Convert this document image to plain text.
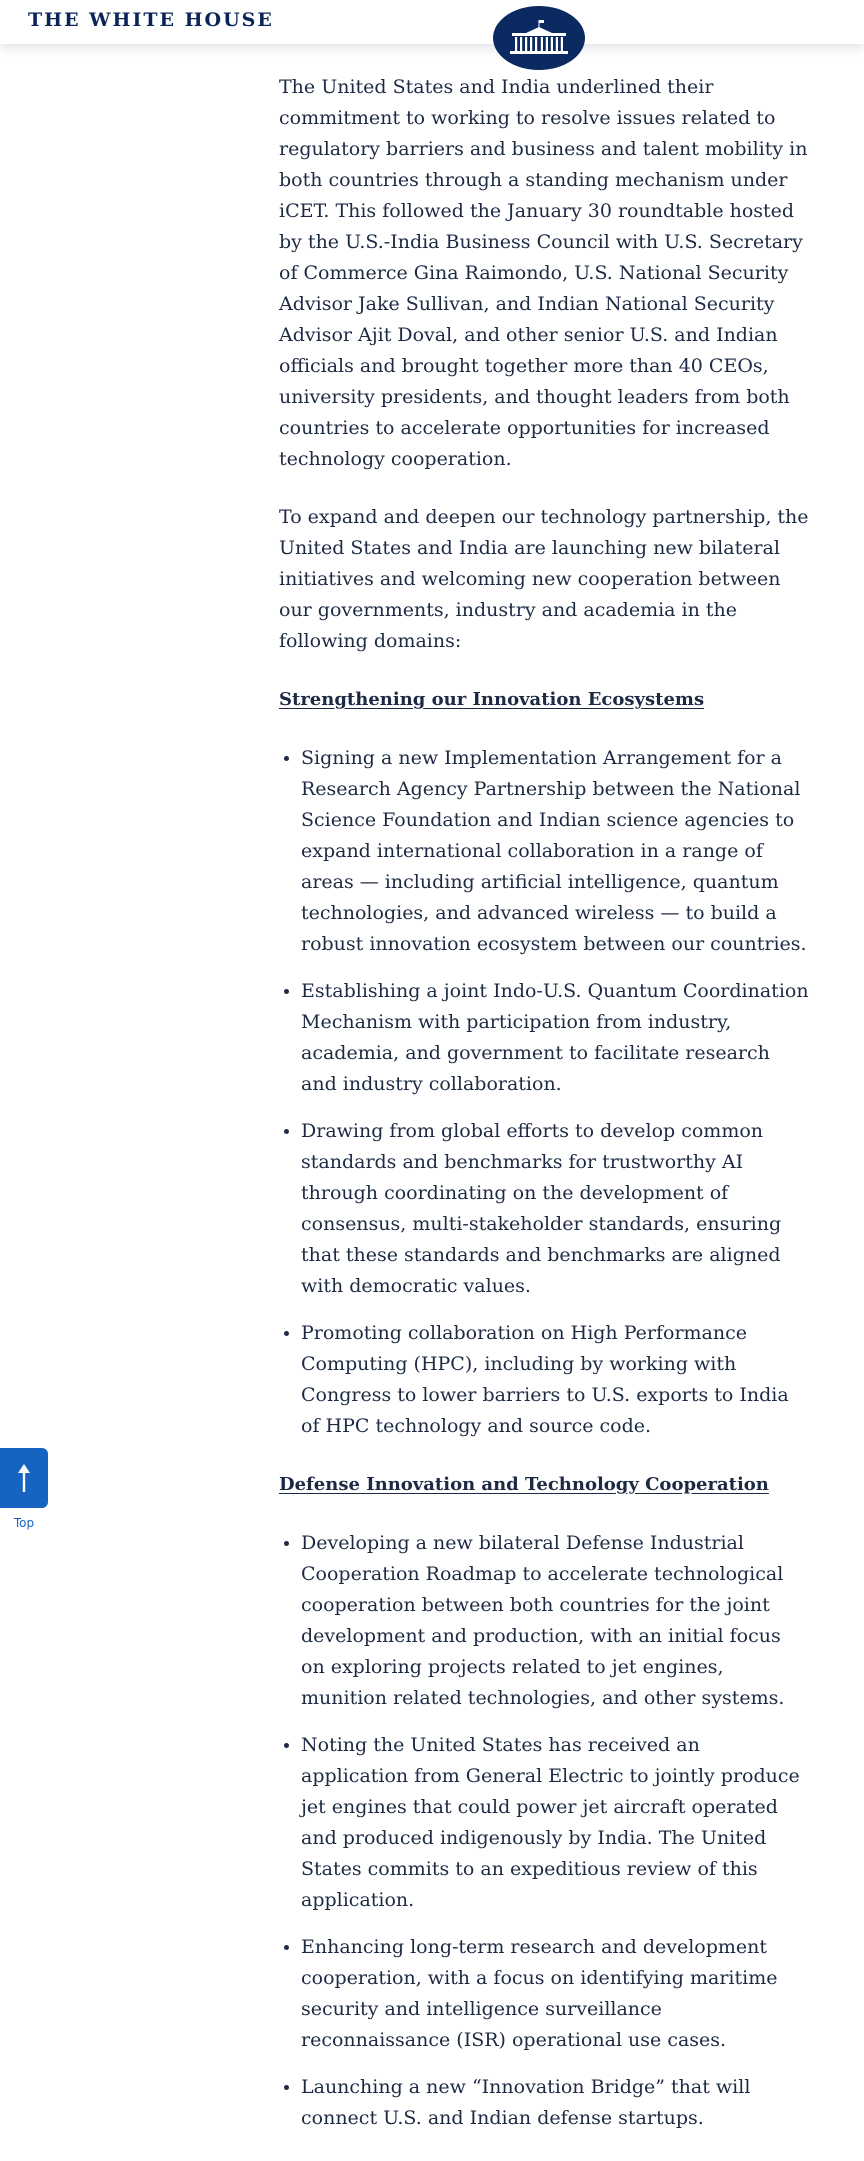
THE WHITE HOUSE

The United States and India underlined their commitment to working to resolve issues related to regulatory barriers and business and talent mobility in both countries through a standing mechanism under iCET. This followed the January 30 roundtable hosted by the U.S.-India Business Council with U.S. Secretary of Commerce Gina Raimondo, U.S. National Security Advisor Jake Sullivan, and Indian National Security Advisor Ajit Doval, and other senior U.S. and Indian officials and brought together more than 40 CEOs, university presidents, and thought leaders from both countries to accelerate opportunities for increased technology cooperation.

To expand and deepen our technology partnership, the United States and India are launching new bilateral initiatives and welcoming new cooperation between our governments, industry and academia in the following domains:

Strengthening our Innovation Ecosystems
• Signing a new Implementation Arrangement for a Research Agency Partnership between the National Science Foundation and Indian science agencies to expand international collaboration in a range of areas — including artificial intelligence, quantum technologies, and advanced wireless — to build a robust innovation ecosystem between our countries.
• Establishing a joint Indo-U.S. Quantum Coordination Mechanism with participation from industry, academia, and government to facilitate research and industry collaboration.
• Drawing from global efforts to develop common standards and benchmarks for trustworthy AI through coordinating on the development of consensus, multi-stakeholder standards, ensuring that these standards and benchmarks are aligned with democratic values.
• Promoting collaboration on High Performance Computing (HPC), including by working with Congress to lower barriers to U.S. exports to India of HPC technology and source code.
Defense Innovation and Technology Cooperation
• Developing a new bilateral Defense Industrial Cooperation Roadmap to accelerate technological cooperation between both countries for the joint development and production, with an initial focus on exploring projects related to jet engines, munition related technologies, and other systems.
• Noting the United States has received an application from General Electric to jointly produce jet engines that could power jet aircraft operated and produced indigenously by India. The United States commits to an expeditious review of this application.
• Enhancing long-term research and development cooperation, with a focus on identifying maritime security and intelligence surveillance reconnaissance (ISR) operational use cases.
• Launching a new “Innovation Bridge” that will connect U.S. and Indian defense startups.
Top
